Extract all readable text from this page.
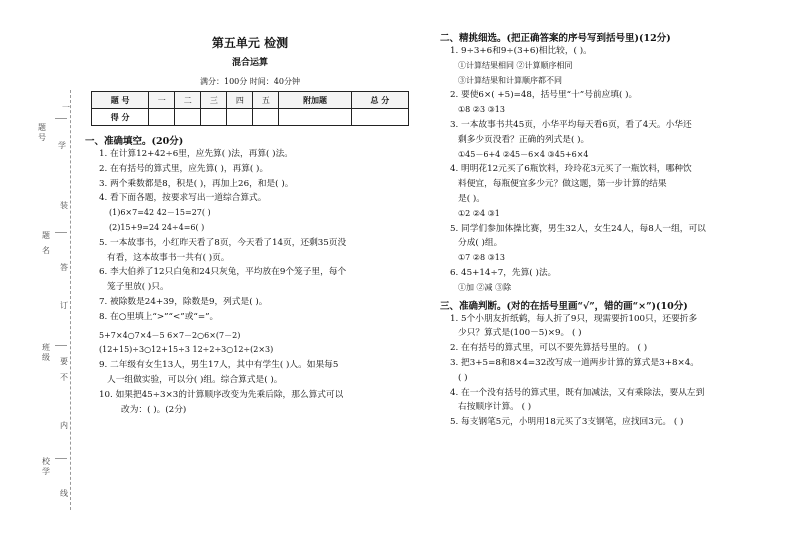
一
题
号
学
题
名
答
班
要
级
不
校
内
学
线
订
装
第五单元 检测
混合运算
满分：100分 时间：40分钟
题 号	一	二	三	四	五	附加题	总 分
得 分							
一、准确填空。(20分)
1. 在计算12+42÷6里，应先算( )法，再算( )法。
2. 在有括号的算式里，应先算( )，再算( )。
3. 两个乘数都是8，积是( )，再加上26，和是( )。
4. 看下面各题，按要求写出一道综合算式。
(1)6×7=42 42－15=27( )
(2)15+9=24 24÷4=6( )
5. 一本故事书，小红昨天看了8页，今天看了14页，还剩35页没
有看，这本故事书一共有( )页。
6. 李大伯养了12只白兔和24只灰兔，平均放在9个笼子里，每个
笼子里放( )只。
7. 被除数是24+39，除数是9，列式是( )。
8. 在○里填上“>”“<”或“=”。
5+7×4○7×4－5 6×7－2○6×(7－2)
(12+15)÷3○12+15÷3 12÷2÷3○12÷(2×3)
9. 二年级有女生13人，男生17人，其中有学生( )人。如果每5
人一组做实验，可以分( )组。综合算式是( )。
10. 如果把45÷3×3的计算顺序改变为先乘后除，那么算式可以
改为：( )。(2分)
二、精挑细选。(把正确答案的序号写到括号里)(12分)
1. 9÷3+6和9÷(3+6)相比较，( )。
①计算结果相同 ②计算顺序相同
③计算结果和计算顺序都不同
2. 要使6×( +5)=48，括号里“十”号前应填( )。
①8 ②3 ③13
3. 一本故事书共45页，小华平均每天看6页，看了4天。小华还
剩多少页没看？正确的列式是( )。
①45－6+4 ②45－6×4 ③45+6×4
4. 明明花12元买了6瓶饮料，玲玲花3元买了一瓶饮料，哪种饮
料便宜，每瓶便宜多少元？做这题，第一步计算的结果
是( )。
①2 ②4 ③1
5. 同学们参加体操比赛，男生32人，女生24人，每8人一组，可以
分成( )组。
①7 ②8 ③13
6. 45+14÷7，先算( )法。
①加 ②减 ③除
三、准确判断。(对的在括号里画“√”，错的画“×”)(10分)
1. 5个小朋友折纸鹤，每人折了9只，现需要折100只，还要折多
少只？算式是(100－5)×9。 ( )
2. 在有括号的算式里，可以不要先算括号里的。 ( )
3. 把3+5=8和8×4=32改写成一道两步计算的算式是3+8×4。
( )
4. 在一个没有括号的算式里，既有加减法，又有乘除法，要从左到
右按顺序计算。 ( )
5. 每支钢笔5元，小明用18元买了3支钢笔，应找回3元。 ( )
